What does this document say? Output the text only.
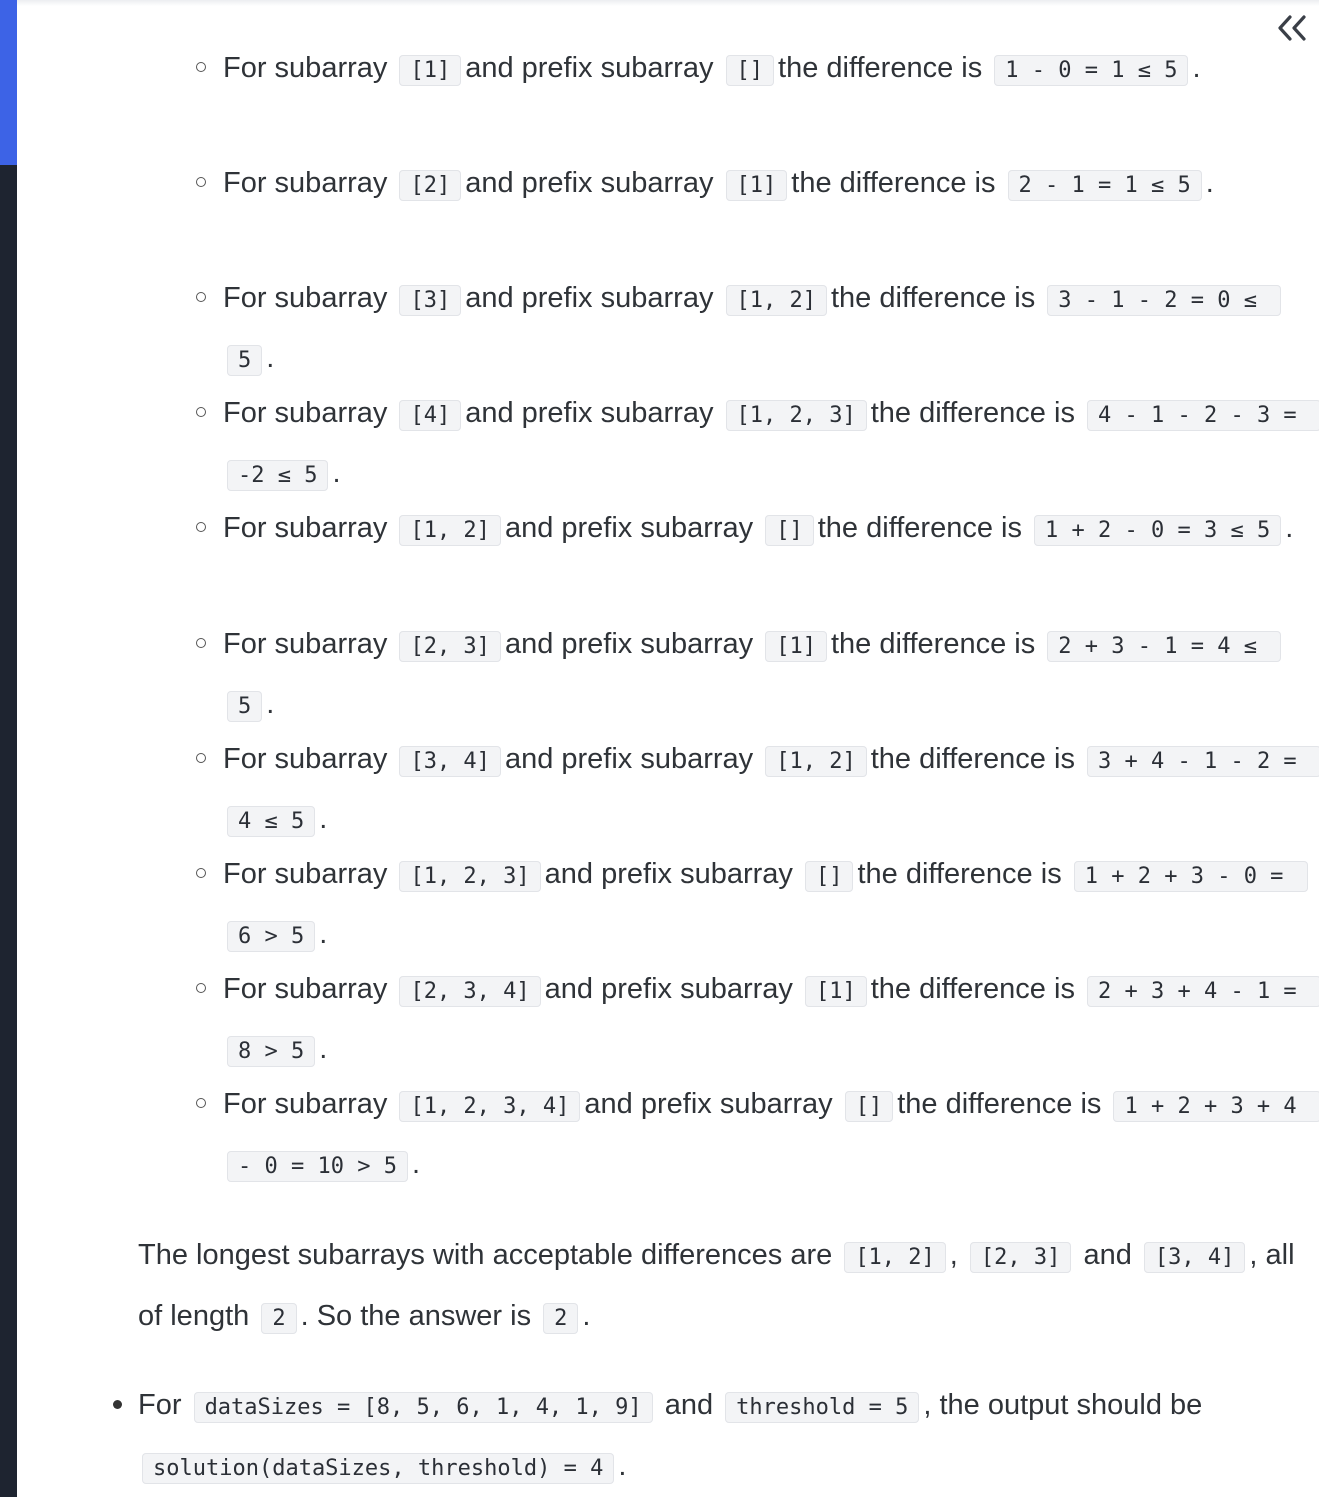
For subarray [1] and prefix subarray [] the difference is 1 - 0 = 1 ≤ 5 .

For subarray [2] and prefix subarray [1] the difference is 2 - 1 = 1 ≤ 5 .

For subarray [3] and prefix subarray [1, 2] the difference is 3 - 1 - 2 = 0 ≤ 5 .

For subarray [4] and prefix subarray [1, 2, 3] the difference is 4 - 1 - 2 - 3 = -2 ≤ 5 .

For subarray [1, 2] and prefix subarray [] the difference is 1 + 2 - 0 = 3 ≤ 5 .

For subarray [2, 3] and prefix subarray [1] the difference is 2 + 3 - 1 = 4 ≤ 5 .

For subarray [3, 4] and prefix subarray [1, 2] the difference is 3 + 4 - 1 - 2 = 4 ≤ 5 .

For subarray [1, 2, 3] and prefix subarray [] the difference is 1 + 2 + 3 - 0 = 6 > 5 .

For subarray [2, 3, 4] and prefix subarray [1] the difference is 2 + 3 + 4 - 1 = 8 > 5 .

For subarray [1, 2, 3, 4] and prefix subarray [] the difference is 1 + 2 + 3 + 4 - 0 = 10 > 5 .

The longest subarrays with acceptable differences are [1, 2] , [2, 3] and [3, 4] , all of length 2 . So the answer is 2 .

For dataSizes = [8, 5, 6, 1, 4, 1, 9] and threshold = 5 , the output should be solution(dataSizes, threshold) = 4 .
